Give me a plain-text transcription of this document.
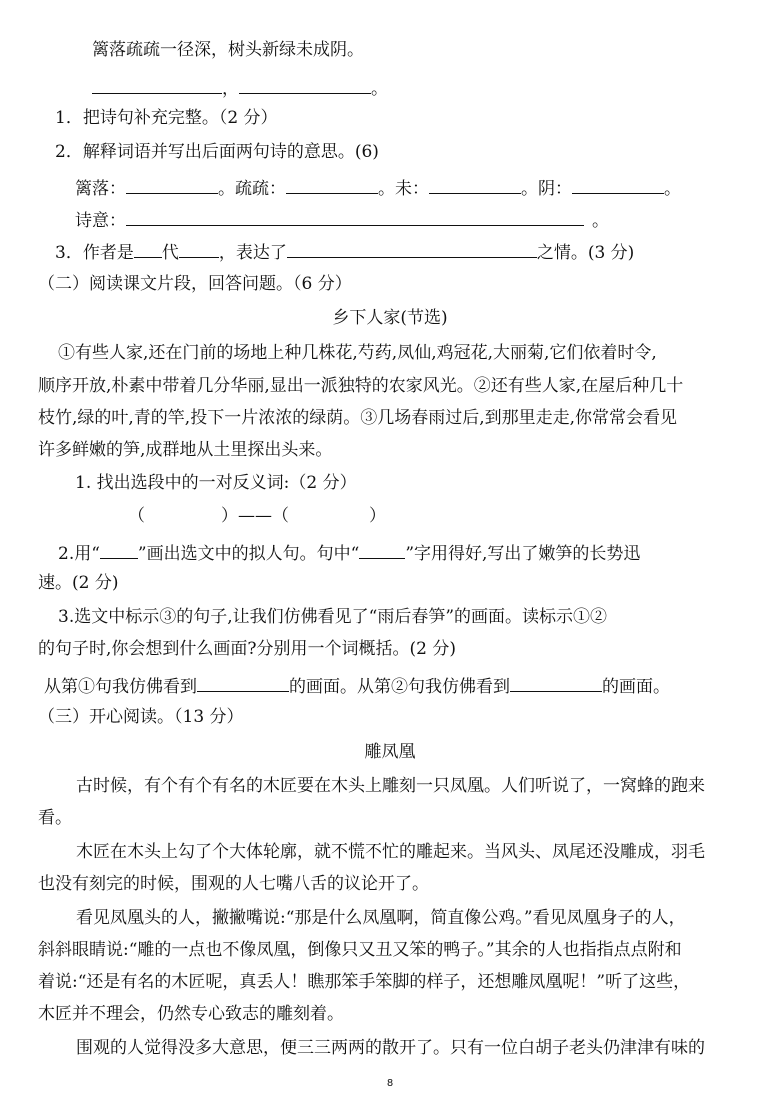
篱落疏疏一径深，树头新绿未成阴。
，	。
1．把诗句补充完整。（2 分）
2．解释词语并写出后面两句诗的意思。(6)
篱落：	。疏疏：	。未：	。阴：	。
诗意：	。
3．作者是 代 ，表达了	之情。(3 分)
（二）阅读课文片段，回答问题。（6 分）
乡下人家(节选)
①有些人家,还在门前的场地上种几株花,芍药,凤仙,鸡冠花,大丽菊,它们依着时令,
顺序开放,朴素中带着几分华丽,显出一派独特的农家风光。②还有些人家,在屋后种几十
枝竹,绿的叶,青的竿,投下一片浓浓的绿荫。③几场春雨过后,到那里走走,你常常会看见
许多鲜嫩的笋,成群地从土里探出头来。
1. 找出选段中的一对反义词:（2 分）
（	）——（	）
2.用“ ”画出选文中的拟人句。句中“	”字用得好,写出了嫩笋的长势迅
速。(2 分)
3.选文中标示③的句子,让我们仿佛看见了“雨后春笋”的画面。读标示①②
的句子时,你会想到什么画面?分别用一个词概括。(2 分)
从第①句我仿佛看到	的画面。从第②句我仿佛看到	的画面。
（三）开心阅读。（13 分）
雕凤凰
古时候，有个有个有名的木匠要在木头上雕刻一只凤凰。人们听说了，一窝蜂的跑来
看。
木匠在木头上勾了个大体轮廓，就不慌不忙的雕起来。当风头、凤尾还没雕成，羽毛
也没有刻完的时候，围观的人七嘴八舌的议论开了。
看见凤凰头的人，撇撇嘴说:“那是什么凤凰啊，简直像公鸡。”看见凤凰身子的人，
斜斜眼睛说:“雕的一点也不像凤凰，倒像只又丑又笨的鸭子。”其余的人也指指点点附和
着说:“还是有名的木匠呢，真丢人！瞧那笨手笨脚的样子，还想雕凤凰呢！”听了这些，
木匠并不理会，仍然专心致志的雕刻着。
围观的人觉得没多大意思，便三三两两的散开了。只有一位白胡子老头仍津津有味的
8
